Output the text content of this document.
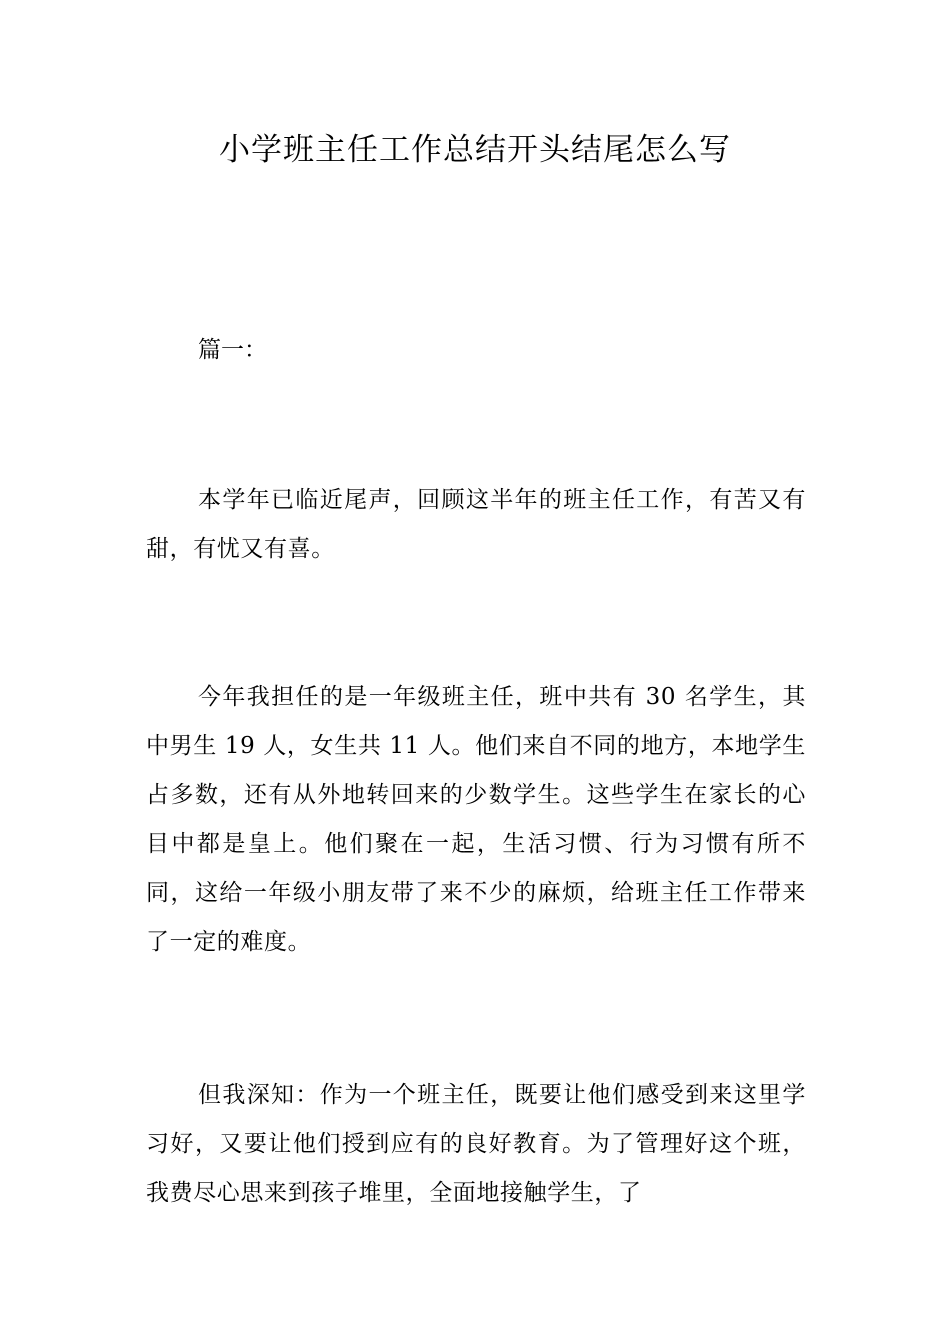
小学班主任工作总结开头结尾怎么写

篇一：

本学年已临近尾声，回顾这半年的班主任工作，有苦又有甜，有忧又有喜。

今年我担任的是一年级班主任，班中共有 30 名学生，其中男生 19 人，女生共 11 人。他们来自不同的地方，本地学生占多数，还有从外地转回来的少数学生。这些学生在家长的心目中都是皇上。他们聚在一起，生活习惯、行为习惯有所不同，这给一年级小朋友带了来不少的麻烦，给班主任工作带来了一定的难度。

但我深知：作为一个班主任，既要让他们感受到来这里学习好，又要让他们授到应有的良好教育。为了管理好这个班，我费尽心思来到孩子堆里，全面地接触学生，了
